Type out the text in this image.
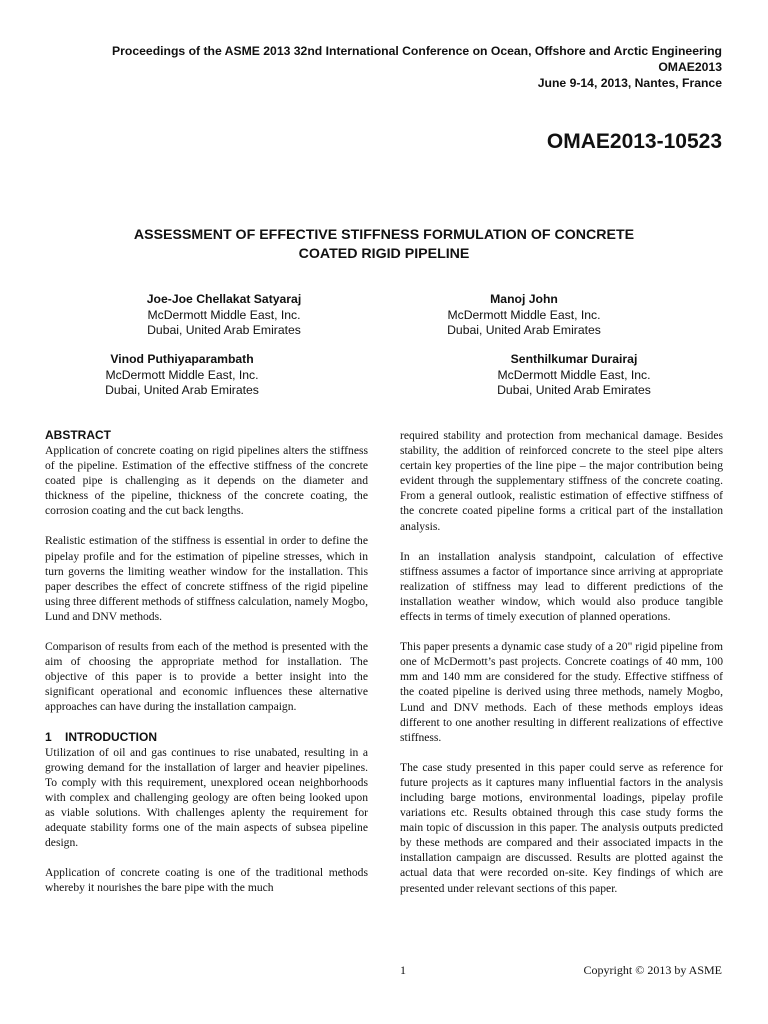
Proceedings of the ASME 2013 32nd International Conference on Ocean, Offshore and Arctic Engineering
OMAE2013
June 9-14, 2013, Nantes, France
OMAE2013-10523
ASSESSMENT OF EFFECTIVE STIFFNESS FORMULATION OF CONCRETE
COATED RIGID PIPELINE
Joe-Joe Chellakat Satyaraj
McDermott Middle East, Inc.
Dubai, United Arab Emirates
Manoj John
McDermott Middle East, Inc.
Dubai, United Arab Emirates
Vinod Puthiyaparambath
McDermott Middle East, Inc.
Dubai, United Arab Emirates
Senthilkumar Durairaj
McDermott Middle East, Inc.
Dubai, United Arab Emirates
ABSTRACT

Application of concrete coating on rigid pipelines alters the stiffness of the pipeline. Estimation of the effective stiffness of the concrete coated pipe is challenging as it depends on the diameter and thickness of the pipeline, thickness of the concrete coating, the corrosion coating and the cut back lengths.

Realistic estimation of the stiffness is essential in order to define the pipelay profile and for the estimation of pipeline stresses, which in turn governs the limiting weather window for the installation. This paper describes the effect of concrete stiffness of the rigid pipeline using three different methods of stiffness calculation, namely Mogbo, Lund and DNV methods.

Comparison of results from each of the method is presented with the aim of choosing the appropriate method for installation. The objective of this paper is to provide a better insight into the significant operational and economic influences these alternative approaches can have during the installation campaign.

1    INTRODUCTION

Utilization of oil and gas continues to rise unabated, resulting in a growing demand for the installation of larger and heavier pipelines. To comply with this requirement, unexplored ocean neighborhoods with complex and challenging geology are often being looked upon as viable solutions. With challenges aplenty the requirement for adequate stability forms one of the main aspects of subsea pipeline design.

Application of concrete coating is one of the traditional methods whereby it nourishes the bare pipe with the much

required stability and protection from mechanical damage. Besides stability, the addition of reinforced concrete to the steel pipe alters certain key properties of the line pipe – the major contribution being evident through the supplementary stiffness of the concrete coating. From a general outlook, realistic estimation of effective stiffness of the concrete coated pipeline forms a critical part of the installation analysis.

In an installation analysis standpoint, calculation of effective stiffness assumes a factor of importance since arriving at appropriate realization of stiffness may lead to different predictions of the installation weather window, which would also produce tangible effects in terms of timely execution of planned operations.

This paper presents a dynamic case study of a 20" rigid pipeline from one of McDermott’s past projects. Concrete coatings of 40 mm, 100 mm and 140 mm are considered for the study. Effective stiffness of the coated pipeline is derived using three methods, namely Mogbo, Lund and DNV methods. Each of these methods employs ideas different to one another resulting in different realizations of effective stiffness.

The case study presented in this paper could serve as reference for future projects as it captures many influential factors in the analysis including barge motions, environmental loadings, pipelay profile variations etc. Results obtained through this case study forms the main topic of discussion in this paper. The analysis outputs predicted by these methods are compared and their associated impacts in the installation campaign are discussed. Results are plotted against the actual data that were recorded on-site. Key findings of which are presented under relevant sections of this paper.

1	Copyright © 2013 by ASME
